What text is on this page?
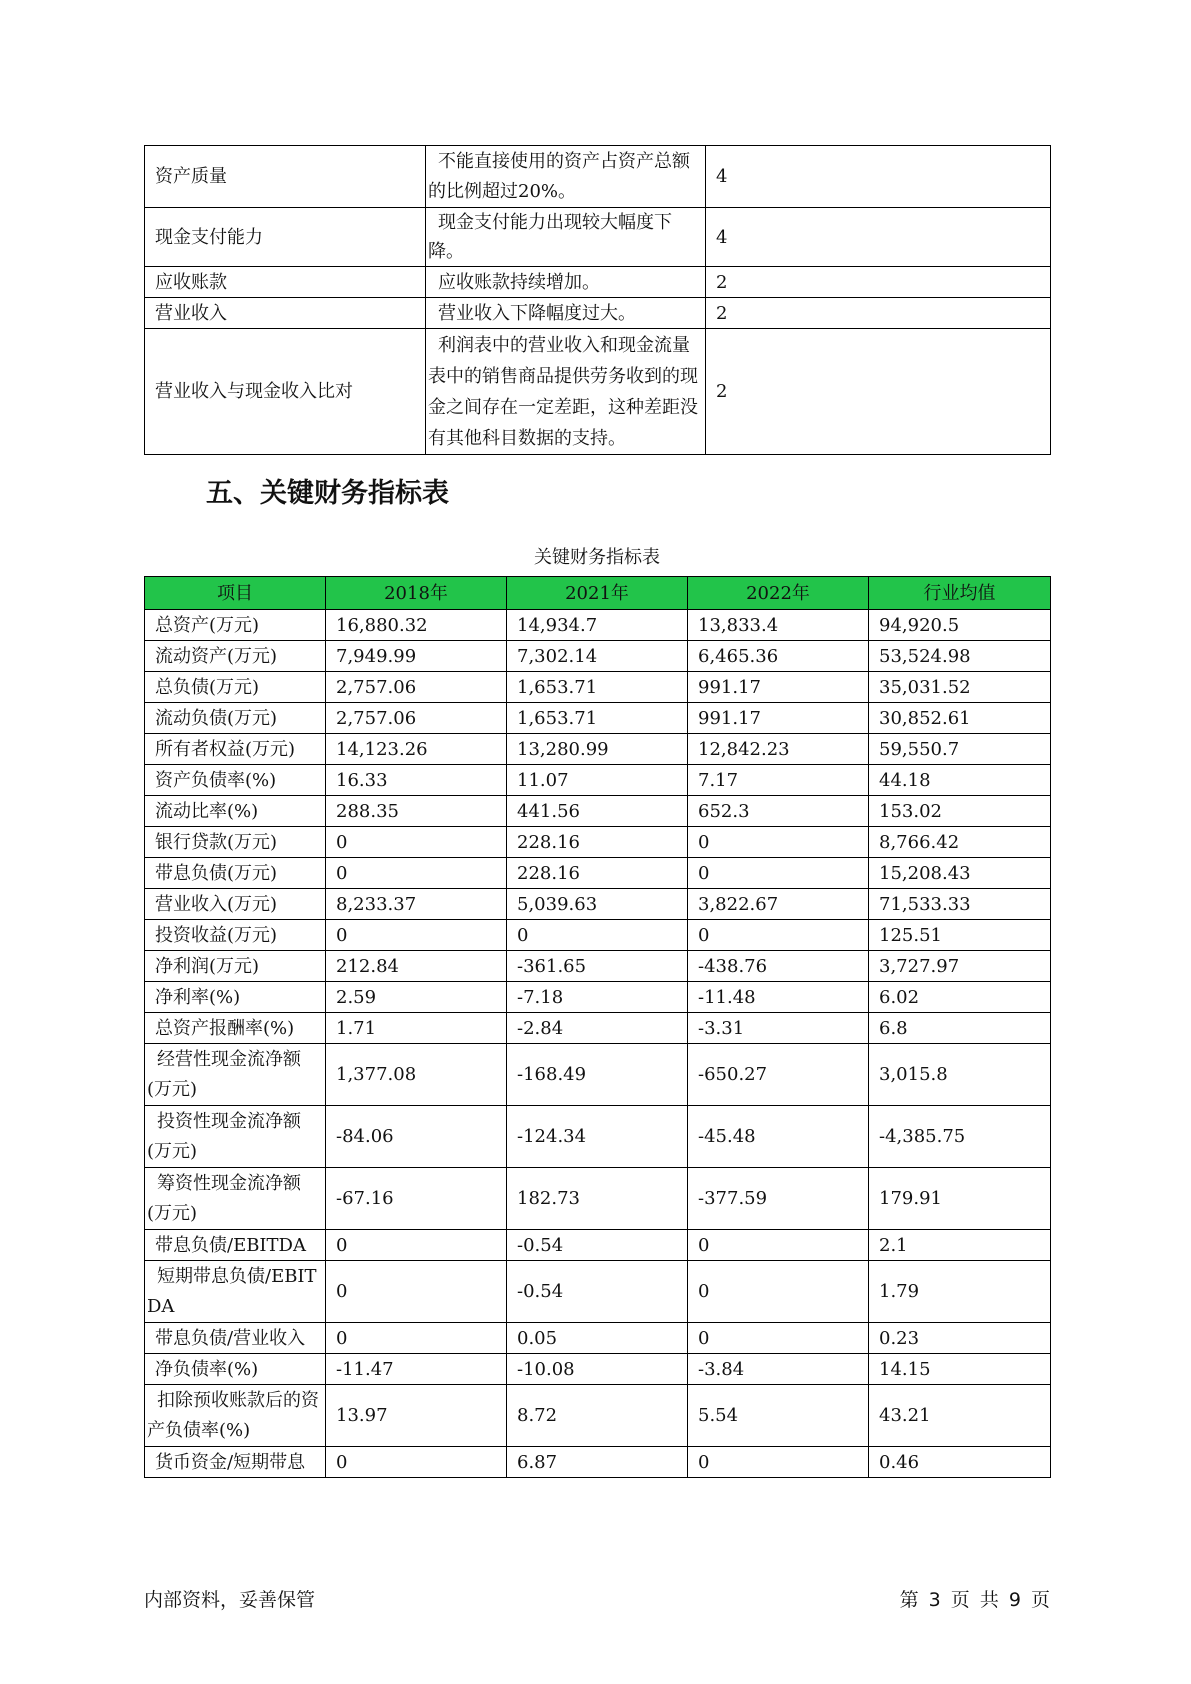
资产质量	不能直接使用的资产占资产总额的比例超过20%。	4
现金支付能力	现金支付能力出现较大幅度下降。	4
应收账款	应收账款持续增加。	2
营业收入	营业收入下降幅度过大。	2
营业收入与现金收入比对	利润表中的营业收入和现金流量表中的销售商品提供劳务收到的现金之间存在一定差距，这种差距没有其他科目数据的支持。	2
五、关键财务指标表
关键财务指标表
项目	2018年	2021年	2022年	行业均值
总资产(万元)	16,880.32	14,934.7	13,833.4	94,920.5
流动资产(万元)	7,949.99	7,302.14	6,465.36	53,524.98
总负债(万元)	2,757.06	1,653.71	991.17	35,031.52
流动负债(万元)	2,757.06	1,653.71	991.17	30,852.61
所有者权益(万元)	14,123.26	13,280.99	12,842.23	59,550.7
资产负债率(%)	16.33	11.07	7.17	44.18
流动比率(%)	288.35	441.56	652.3	153.02
银行贷款(万元)	0	228.16	0	8,766.42
带息负债(万元)	0	228.16	0	15,208.43
营业收入(万元)	8,233.37	5,039.63	3,822.67	71,533.33
投资收益(万元)	0	0	0	125.51
净利润(万元)	212.84	-361.65	-438.76	3,727.97
净利率(%)	2.59	-7.18	-11.48	6.02
总资产报酬率(%)	1.71	-2.84	-3.31	6.8
经营性现金流净额(万元)	1,377.08	-168.49	-650.27	3,015.8
投资性现金流净额(万元)	-84.06	-124.34	-45.48	-4,385.75
筹资性现金流净额(万元)	-67.16	182.73	-377.59	179.91
带息负债/EBITDA	0	-0.54	0	2.1
短期带息负债/EBITDA	0	-0.54	0	1.79
带息负债/营业收入	0	0.05	0	0.23
净负债率(%)	-11.47	-10.08	-3.84	14.15
扣除预收账款后的资产负债率(%)	13.97	8.72	5.54	43.21
货币资金/短期带息	0	6.87	0	0.46
内部资料，妥善保管	第 3 页 共 9 页
